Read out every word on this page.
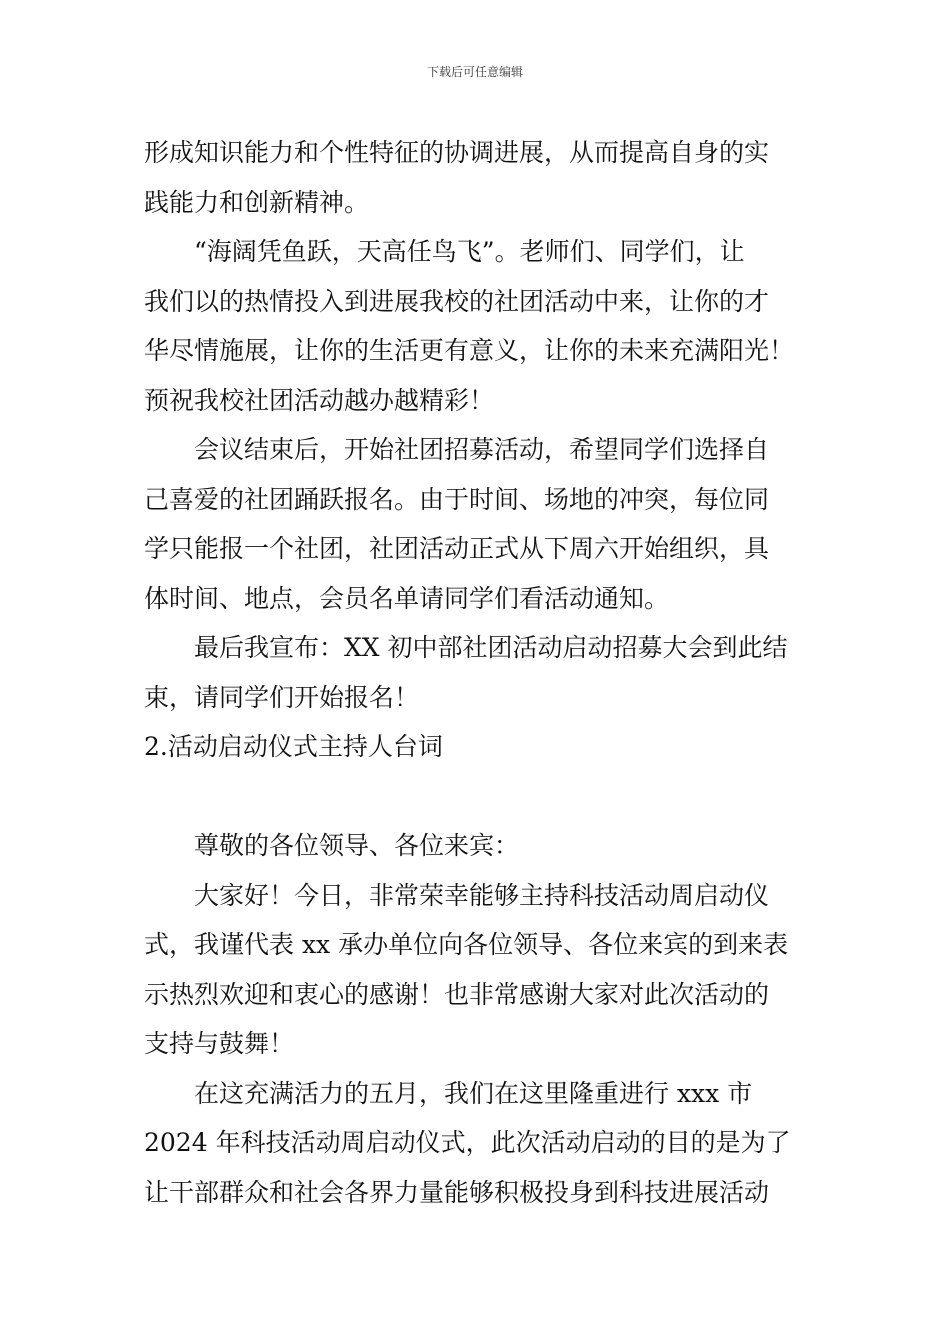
下载后可任意编辑
形成知识能力和个性特征的协调进展，从而提高自身的实
践能力和创新精神。
　　“海阔凭鱼跃，天高任鸟飞”。老师们、同学们，让
我们以的热情投入到进展我校的社团活动中来，让你的才
华尽情施展，让你的生活更有意义，让你的未来充满阳光！
预祝我校社团活动越办越精彩！
　　会议结束后，开始社团招募活动，希望同学们选择自
己喜爱的社团踊跃报名。由于时间、场地的冲突，每位同
学只能报一个社团，社团活动正式从下周六开始组织，具
体时间、地点，会员名单请同学们看活动通知。
　　最后我宣布：XX 初中部社团活动启动招募大会到此结
束，请同学们开始报名！
2.活动启动仪式主持人台词
　　尊敬的各位领导、各位来宾：
　　大家好！今日，非常荣幸能够主持科技活动周启动仪
式，我谨代表 xx 承办单位向各位领导、各位来宾的到来表
示热烈欢迎和衷心的感谢！也非常感谢大家对此次活动的
支持与鼓舞！
　　在这充满活力的五月，我们在这里隆重进行 xxx 市
2024 年科技活动周启动仪式，此次活动启动的目的是为了
让干部群众和社会各界力量能够积极投身到科技进展活动
